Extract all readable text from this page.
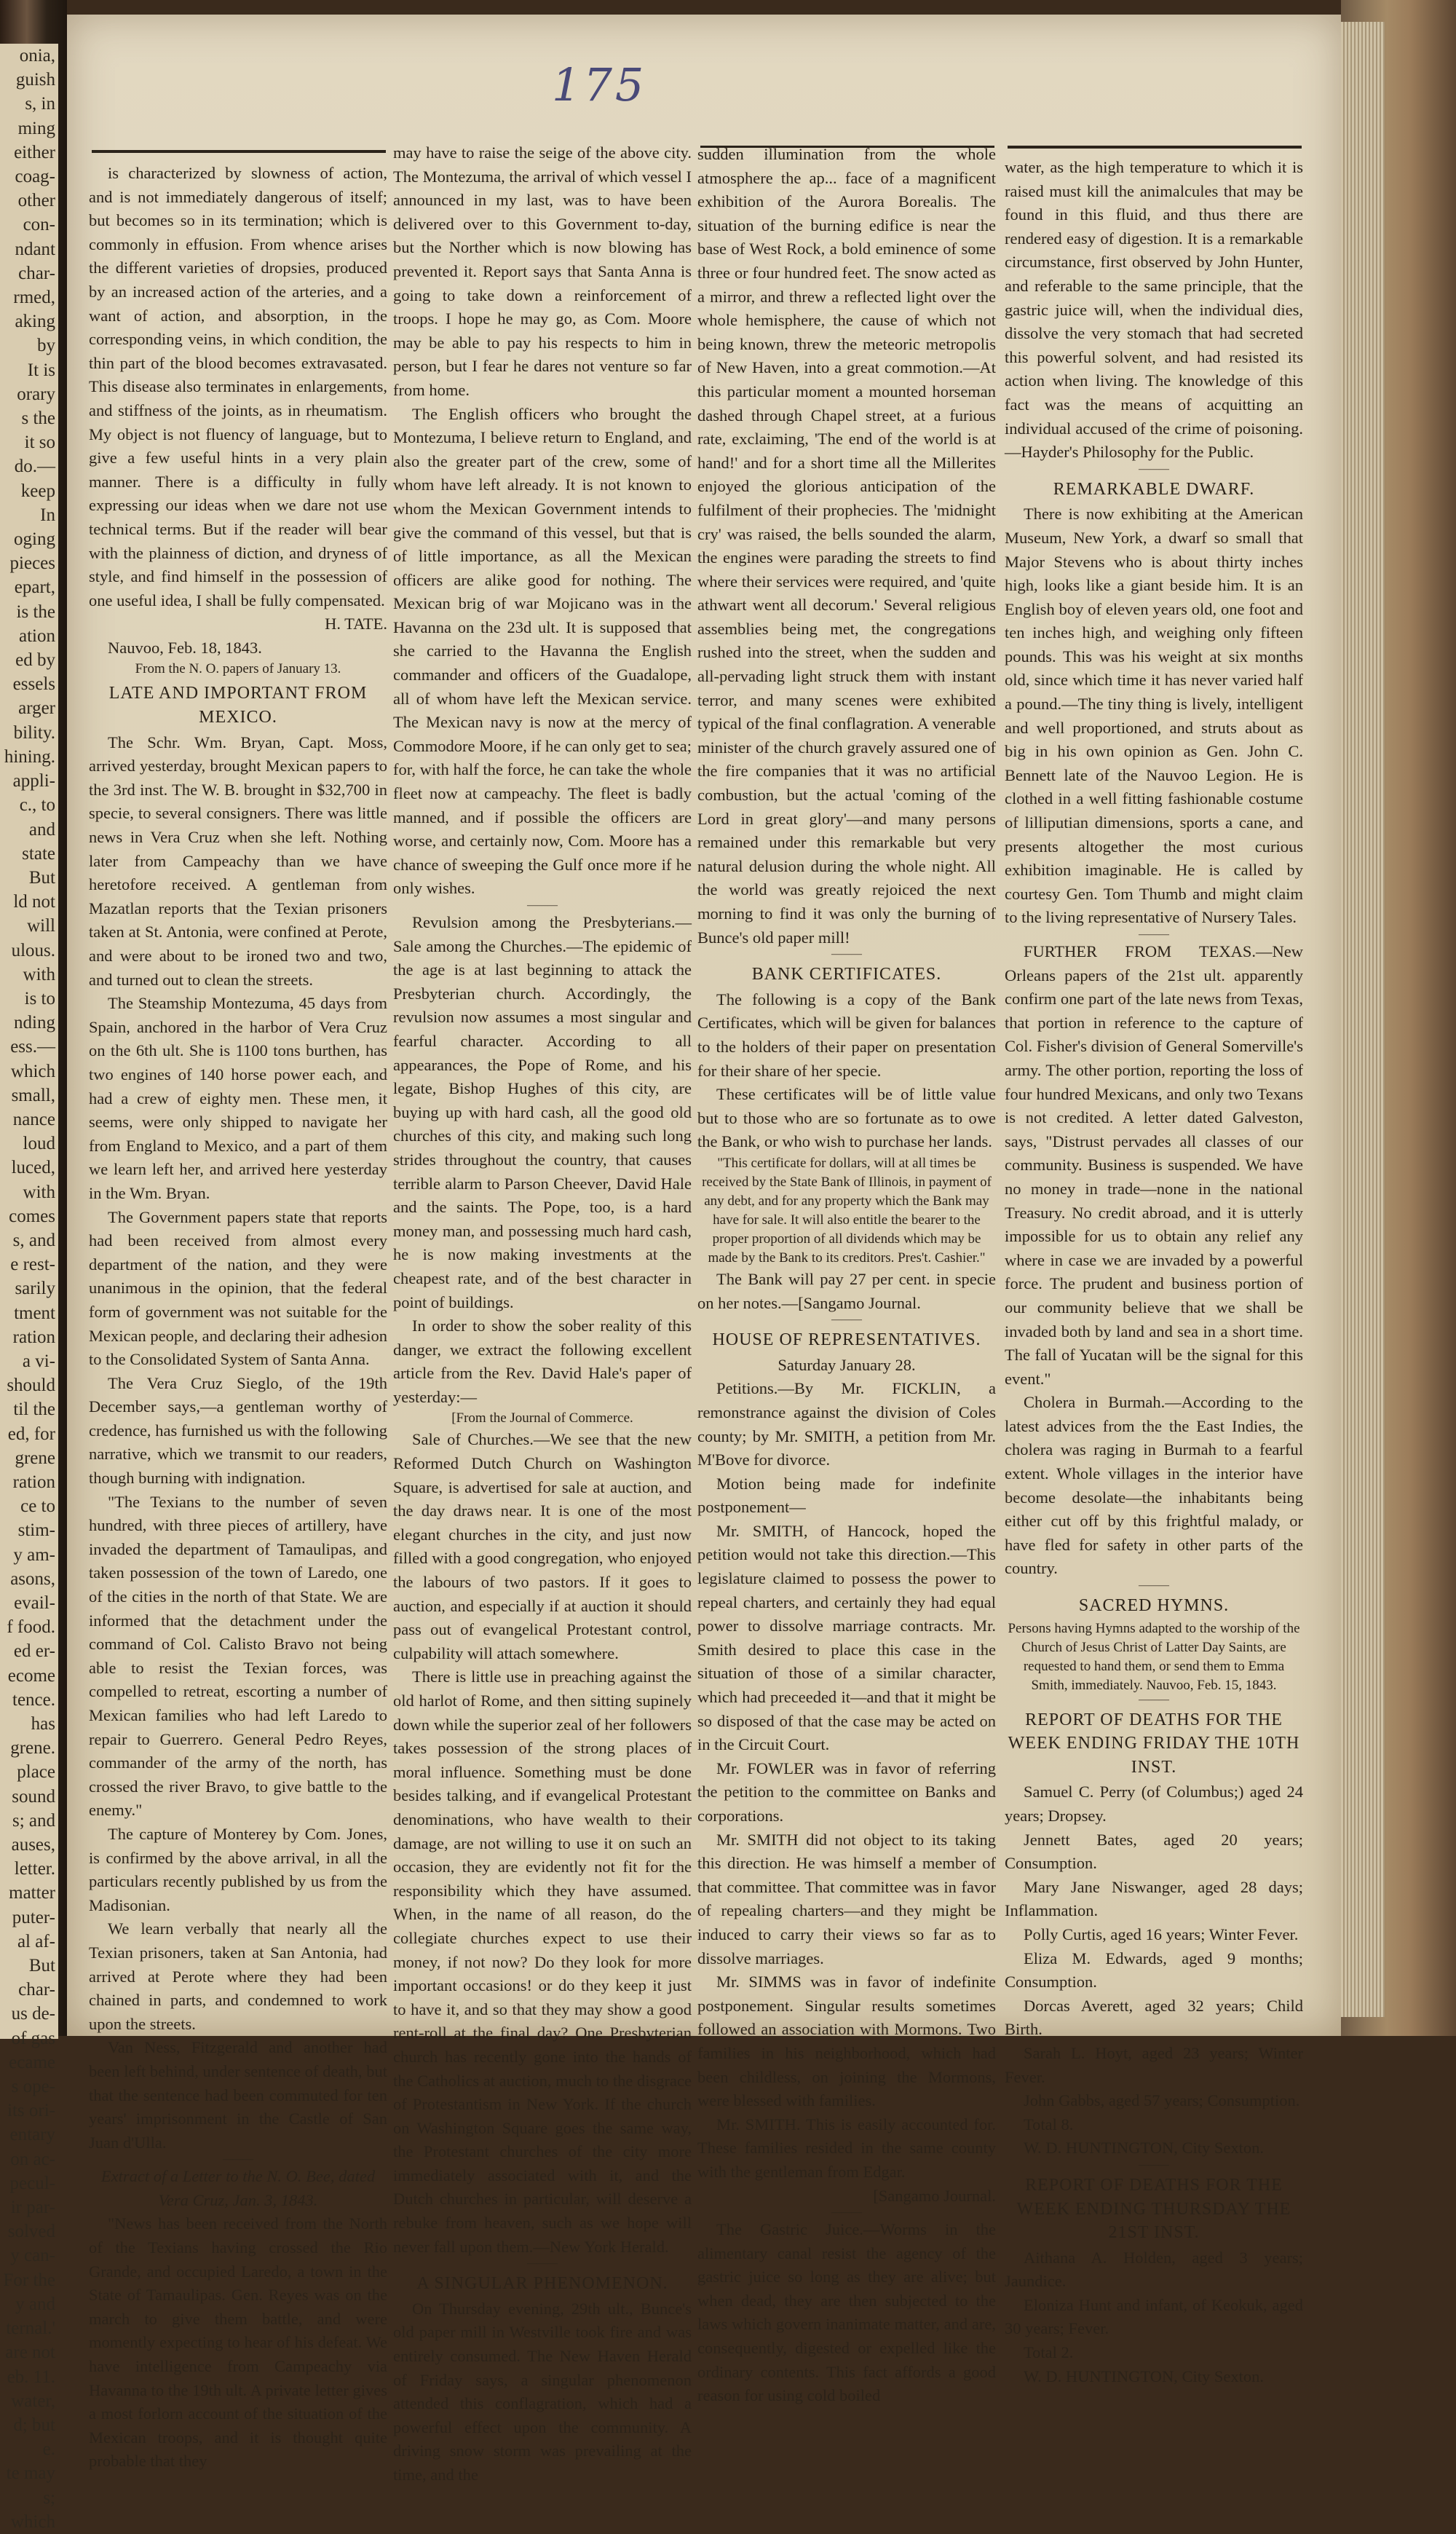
onia,

guish

s, in

ming

either

coag-

other

con-

ndant

char-

rmed,

aking

by

It is

orary

s the

it so

do.—

keep

In

oging

pieces

epart,

is the

ation

ed by

essels

arger

bility.

hining.

appli-

c., to

and

state

But

ld not

will

ulous.

with

is to

nding

ess.—

which

small,

nance

loud

luced,

with

comes

s, and

e rest-

sarily

tment

ration

a vi-

should

til the

ed, for

grene

ration

ce to

stim-

y am-

asons,

evail-

f food.

ed er-

ecome

tence.

has

grene.

place

sound

s; and

auses,

letter.

matter

puter-

al af-

But

char-

us de-

of gas

ecame

s ope-

its ori-

entary

on ac-

pecul-

ir par-

solved

y can-

For the

y and

ternal.'

are not

eb. 11.

water,

d; but

e.

te may

s; which

175

is characterized by slowness of action, and is not immediately dangerous of itself; but becomes so in its termination; which is commonly in effusion. From whence arises the different varieties of dropsies, produced by an increased action of the arteries, and a want of action, and absorption, in the corresponding veins, in which condition, the thin part of the blood becomes extravasated. This disease also terminates in enlargements, and stiffness of the joints, as in rheumatism. My object is not fluency of language, but to give a few useful hints in a very plain manner. There is a difficulty in fully expressing our ideas when we dare not use technical terms. But if the reader will bear with the plainness of diction, and dryness of style, and find himself in the possession of one useful idea, I shall be fully compensated.

H. TATE.

Nauvoo, Feb. 18, 1843.

From the N. O. papers of January 13.

LATE AND IMPORTANT FROM MEXICO.

The Schr. Wm. Bryan, Capt. Moss, arrived yesterday, brought Mexican papers to the 3rd inst. The W. B. brought in $32,700 in specie, to several consigners. There was little news in Vera Cruz when she left. Nothing later from Campeachy than we have heretofore received. A gentleman from Mazatlan reports that the Texian prisoners taken at St. Antonia, were confined at Perote, and were about to be ironed two and two, and turned out to clean the streets.

The Steamship Montezuma, 45 days from Spain, anchored in the harbor of Vera Cruz on the 6th ult. She is 1100 tons burthen, has two engines of 140 horse power each, and had a crew of eighty men. These men, it seems, were only shipped to navigate her from England to Mexico, and a part of them we learn left her, and arrived here yesterday in the Wm. Bryan.

The Government papers state that reports had been received from almost every department of the nation, and they were unanimous in the opinion, that the federal form of government was not suitable for the Mexican people, and declaring their adhesion to the Consolidated System of Santa Anna.

The Vera Cruz Sieglo, of the 19th December says,—a gentleman worthy of credence, has furnished us with the following narrative, which we transmit to our readers, though burning with indignation.

"The Texians to the number of seven hundred, with three pieces of artillery, have invaded the department of Tamaulipas, and taken possession of the town of Laredo, one of the cities in the north of that State. We are informed that the detachment under the command of Col. Calisto Bravo not being able to resist the Texian forces, was compelled to retreat, escorting a number of Mexican families who had left Laredo to repair to Guerrero. General Pedro Reyes, commander of the army of the north, has crossed the river Bravo, to give battle to the enemy."

The capture of Monterey by Com. Jones, is confirmed by the above arrival, in all the particulars recently published by us from the Madisonian.

We learn verbally that nearly all the Texian prisoners, taken at San Antonia, had arrived at Perote where they had been chained in parts, and condemned to work upon the streets.

Van Ness, Fitzgerald and another had been left behind, under sentence of death, but that the sentence had been commuted for ten years' imprisonment in the Castle of San Juan d'Ulla.

———

Extract of a Letter to the N. O. Bee, dated Vera Cruz, Jan. 3, 1843.

"News has been received from the North of the Texians having crossed the Rio Grande, and occupied Laredo, a town in the State of Tamaulipas. Gen. Reyes was on the march to give them battle, and were momently expecting to hear of his defeat. We have intelligence from Campeachy via Havanna to the 19th ult. A private letter gives a most forlorn account of the situation of the Mexican troops, and it is thought quite probable that they

may have to raise the seige of the above city. The Montezuma, the arrival of which vessel I announced in my last, was to have been delivered over to this Government to-day, but the Norther which is now blowing has prevented it. Report says that Santa Anna is going to take down a reinforcement of troops. I hope he may go, as Com. Moore may be able to pay his respects to him in person, but I fear he dares not venture so far from home.

The English officers who brought the Montezuma, I believe return to England, and also the greater part of the crew, some of whom have left already. It is not known to whom the Mexican Government intends to give the command of this vessel, but that is of little importance, as all the Mexican officers are alike good for nothing. The Mexican brig of war Mojicano was in the Havanna on the 23d ult. It is supposed that she carried to the Havanna the English commander and officers of the Guadalope, all of whom have left the Mexican service. The Mexican navy is now at the mercy of Commodore Moore, if he can only get to sea; for, with half the force, he can take the whole fleet now at campeachy. The fleet is badly manned, and if possible the officers are worse, and certainly now, Com. Moore has a chance of sweeping the Gulf once more if he only wishes.

———

Revulsion among the Presbyterians.—Sale among the Churches.—The epidemic of the age is at last beginning to attack the Presbyterian church. Accordingly, the revulsion now assumes a most singular and fearful character. According to all appearances, the Pope of Rome, and his legate, Bishop Hughes of this city, are buying up with hard cash, all the good old churches of this city, and making such long strides throughout the country, that causes terrible alarm to Parson Cheever, David Hale and the saints. The Pope, too, is a hard money man, and possessing much hard cash, he is now making investments at the cheapest rate, and of the best character in point of buildings.

In order to show the sober reality of this danger, we extract the following excellent article from the Rev. David Hale's paper of yesterday:—

[From the Journal of Commerce.

Sale of Churches.—We see that the new Reformed Dutch Church on Washington Square, is advertised for sale at auction, and the day draws near. It is one of the most elegant churches in the city, and just now filled with a good congregation, who enjoyed the labours of two pastors. If it goes to auction, and especially if at auction it should pass out of evangelical Protestant control, culpability will attach somewhere.

There is little use in preaching against the old harlot of Rome, and then sitting supinely down while the superior zeal of her followers takes possession of the strong places of moral influence. Something must be done besides talking, and if evangelical Protestant denominations, who have wealth to their damage, are not willing to use it on such an occasion, they are evidently not fit for the responsibility which they have assumed. When, in the name of all reason, do the collegiate churches expect to use their money, if not now? Do they look for more important occasions! or do they keep it just to have it, and so that they may show a good rent-roll at the final day? One Presbyterian church has recently gone into the hands of the Catholics at auction, much to the disgrace of Protestantism in New York. If the church on Washington Square goes the same way, the Protestant churches of the city more immediately associated with it, and the Dutch churches in particular, will deserve a rebuke from heaven, such as we hope will never fall upon them.—New York Herald.

———

A SINGULAR PHENOMENON.

On Thursday evening, 29th ult., Bunce's old paper mill in Westville took fire and was entirely consumed. The New Haven Herald of Friday says, a singular phenomenon attended this conflagration, which had a powerful effect upon the community. A driving snow storm was prevailing at the time, and the

sudden illumination from the whole atmosphere the ap... face of a magnificent exhibition of the Aurora Borealis. The situation of the burning edifice is near the base of West Rock, a bold eminence of some three or four hundred feet. The snow acted as a mirror, and threw a reflected light over the whole hemisphere, the cause of which not being known, threw the meteoric metropolis of New Haven, into a great commotion.—At this particular moment a mounted horseman dashed through Chapel street, at a furious rate, exclaiming, 'The end of the world is at hand!' and for a short time all the Millerites enjoyed the glorious anticipation of the fulfilment of their prophecies. The 'midnight cry' was raised, the bells sounded the alarm, the engines were parading the streets to find where their services were required, and 'quite athwart went all decorum.' Several religious assemblies being met, the congregations rushed into the street, when the sudden and all-pervading light struck them with instant terror, and many scenes were exhibited typical of the final conflagration. A venerable minister of the church gravely assured one of the fire companies that it was no artificial combustion, but the actual 'coming of the Lord in great glory'—and many persons remained under this remarkable but very natural delusion during the whole night. All the world was greatly rejoiced the next morning to find it was only the burning of Bunce's old paper mill!

———

BANK CERTIFICATES.

The following is a copy of the Bank Certificates, which will be given for balances to the holders of their paper on presentation for their share of her specie.

These certificates will be of little value but to those who are so fortunate as to owe the Bank, or who wish to purchase her lands.

"This certificate for dollars, will at all times be received by the State Bank of Illinois, in payment of any debt, and for any property which the Bank may have for sale. It will also entitle the bearer to the proper proportion of all dividends which may be made by the Bank to its creditors. Pres't. Cashier."

The Bank will pay 27 per cent. in specie on her notes.—[Sangamo Journal.

———

HOUSE OF REPRESENTATIVES.

Saturday January 28.

Petitions.—By Mr. FICKLIN, a remonstrance against the division of Coles county; by Mr. SMITH, a petition from Mr. M'Bove for divorce.

Motion being made for indefinite postponement—

Mr. SMITH, of Hancock, hoped the petition would not take this direction.—This legislature claimed to possess the power to repeal charters, and certainly they had equal power to dissolve marriage contracts. Mr. Smith desired to place this case in the situation of those of a similar character, which had preceeded it—and that it might be so disposed of that the case may be acted on in the Circuit Court.

Mr. FOWLER was in favor of referring the petition to the committee on Banks and corporations.

Mr. SMITH did not object to its taking this direction. He was himself a member of that committee. That committee was in favor of repealing charters—and they might be induced to carry their views so far as to dissolve marriages.

Mr. SIMMS was in favor of indefinite postponement. Singular results sometimes followed an association with Mormons. Two families in his neighborhood, which had been childless, on joining the Mormons, were blessed with families.

Mr. SMITH. This is easily accounted for. These families resided in the same county with the gentleman from Edgar.

[Sangamo Journal.

———

The Gastric Juice.—Worms in the alimentary canal resist the agency of the gastric juice so long as they are alive; but when dead, they are then subjected to the laws which govern inanimate matter, and are, consequently, digested or expelled like the ordinary contents. This fact affords a good reason for using cold boiled

water, as the high temperature to which it is raised must kill the animalcules that may be found in this fluid, and thus there are rendered easy of digestion. It is a remarkable circumstance, first observed by John Hunter, and referable to the same principle, that the gastric juice will, when the individual dies, dissolve the very stomach that had secreted this powerful solvent, and had resisted its action when living. The knowledge of this fact was the means of acquitting an individual accused of the crime of poisoning.—Hayder's Philosophy for the Public.

———

REMARKABLE DWARF.

There is now exhibiting at the American Museum, New York, a dwarf so small that Major Stevens who is about thirty inches high, looks like a giant beside him. It is an English boy of eleven years old, one foot and ten inches high, and weighing only fifteen pounds. This was his weight at six months old, since which time it has never varied half a pound.—The tiny thing is lively, intelligent and well proportioned, and struts about as big in his own opinion as Gen. John C. Bennett late of the Nauvoo Legion. He is clothed in a well fitting fashionable costume of lilliputian dimensions, sports a cane, and presents altogether the most curious exhibition imaginable. He is called by courtesy Gen. Tom Thumb and might claim to the living representative of Nursery Tales.

———

FURTHER FROM TEXAS.—New Orleans papers of the 21st ult. apparently confirm one part of the late news from Texas, that portion in reference to the capture of Col. Fisher's division of General Somerville's army. The other portion, reporting the loss of four hundred Mexicans, and only two Texans is not credited. A letter dated Galveston, says, "Distrust pervades all classes of our community. Business is suspended. We have no money in trade—none in the national Treasury. No credit abroad, and it is utterly impossible for us to obtain any relief any where in case we are invaded by a powerful force. The prudent and business portion of our community believe that we shall be invaded both by land and sea in a short time. The fall of Yucatan will be the signal for this event."

Cholera in Burmah.—According to the latest advices from the the East Indies, the cholera was raging in Burmah to a fearful extent. Whole villages in the interior have become desolate—the inhabitants being either cut off by this frightful malady, or have fled for safety in other parts of the country.

———

SACRED HYMNS.

Persons having Hymns adapted to the worship of the Church of Jesus Christ of Latter Day Saints, are requested to hand them, or send them to Emma Smith, immediately. Nauvoo, Feb. 15, 1843.

———

REPORT OF DEATHS FOR THE WEEK ENDING FRIDAY THE 10TH INST.

Samuel C. Perry (of Columbus;) aged 24 years; Dropsey.

Jennett Bates, aged 20 years; Consumption.

Mary Jane Niswanger, aged 28 days; Inflammation.

Polly Curtis, aged 16 years; Winter Fever.

Eliza M. Edwards, aged 9 months; Consumption.

Dorcas Averett, aged 32 years; Child Birth.

Sarah L. Hoyt, aged 23 years; Winter Fever.

John Gabbs, aged 57 years; Consumption.

Total 8.

W. D. HUNTINGTON, City Sexton.

———

REPORT OF DEATHS FOR THE WEEK ENDING THURSDAY THE 21ST INST.

Aithana A. Holden, aged 3 years; Jaundice.

Eloniza Hunt and infant, of Keokuk, aged 30 years; Fever.

Total 2.

W. D. HUNTINGTON, City Sexton.
